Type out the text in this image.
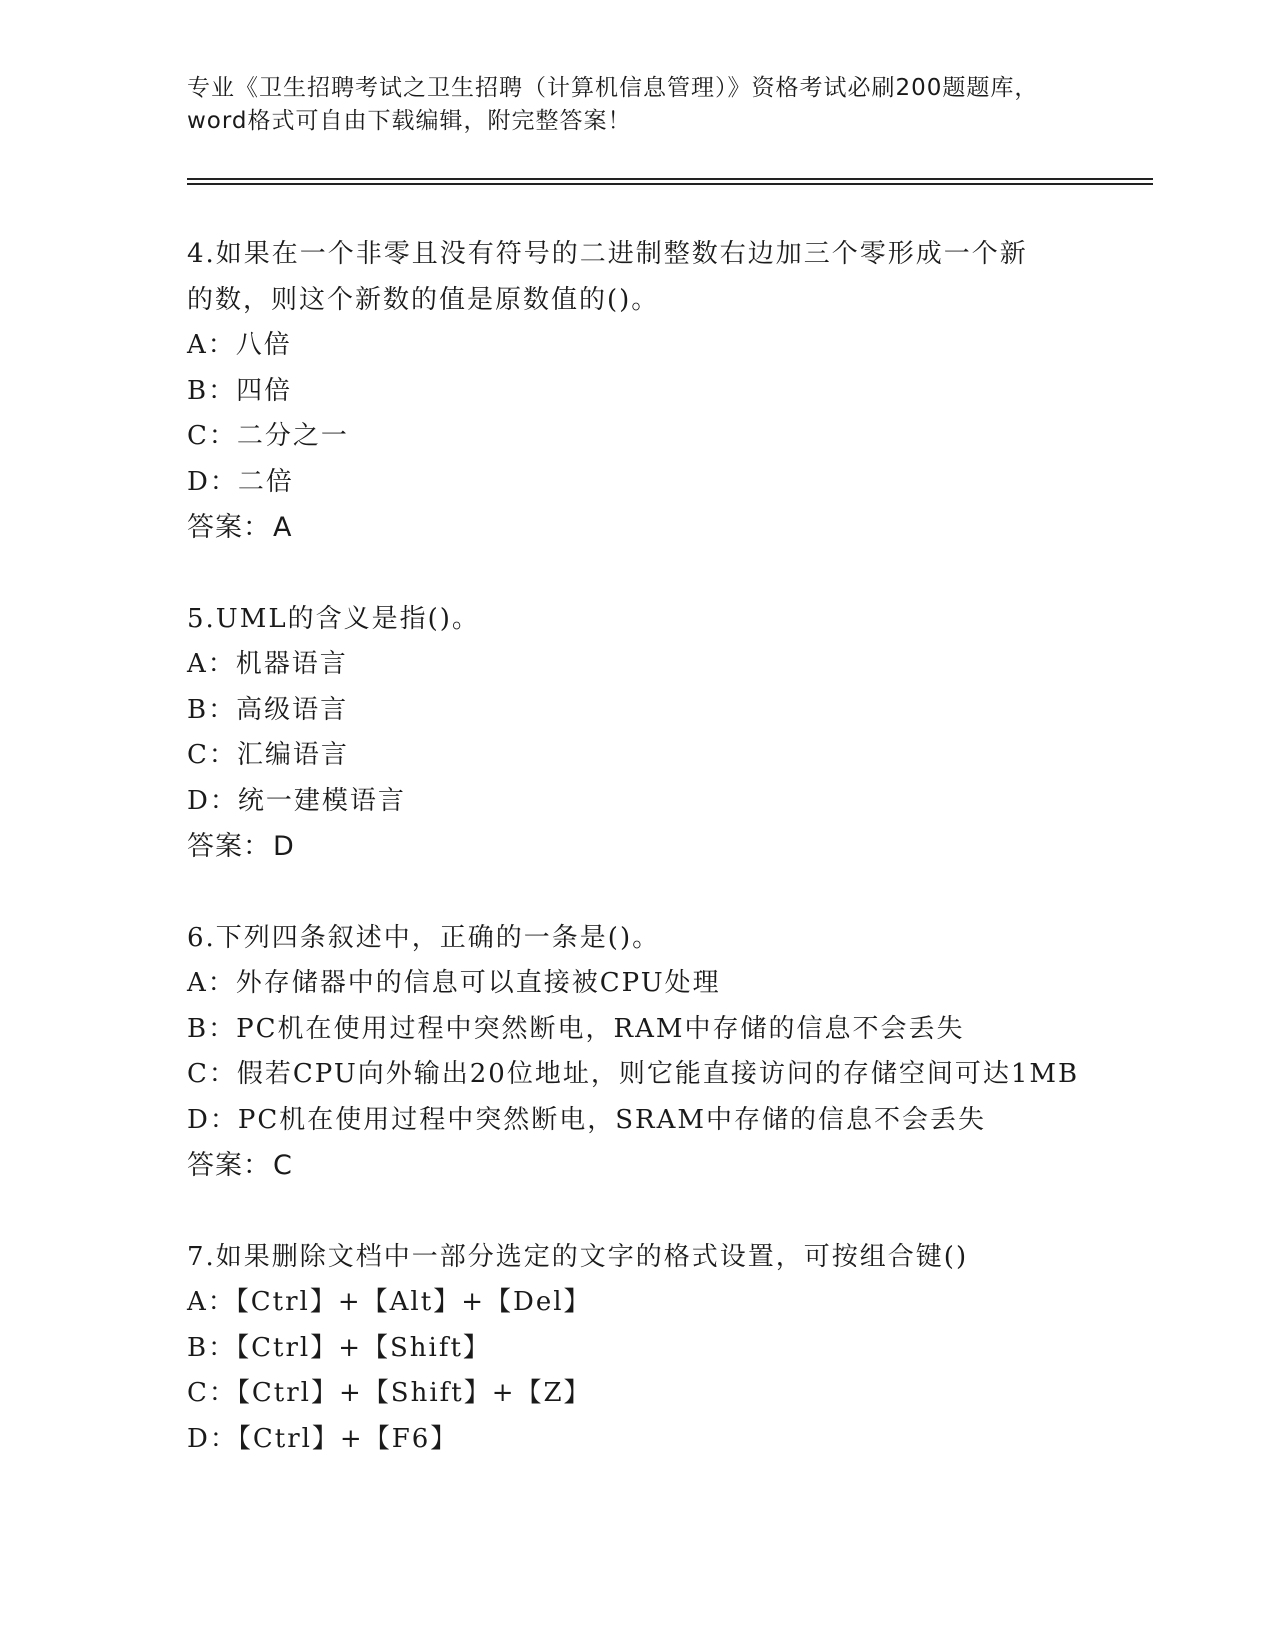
专业《卫生招聘考试之卫生招聘（计算机信息管理）》资格考试必刷200题题库，
word格式可自由下载编辑，附完整答案！
4.如果在一个非零且没有符号的二进制整数右边加三个零形成一个新
的数，则这个新数的值是原数值的()。
A：八倍
B：四倍
C：二分之一
D：二倍
答案：A
5.UML的含义是指()。
A：机器语言
B：高级语言
C：汇编语言
D：统一建模语言
答案：D
6.下列四条叙述中，正确的一条是()。
A：外存储器中的信息可以直接被CPU处理
B：PC机在使用过程中突然断电，RAM中存储的信息不会丢失
C：假若CPU向外输出20位地址，则它能直接访问的存储空间可达1MB
D：PC机在使用过程中突然断电，SRAM中存储的信息不会丢失
答案：C
7.如果删除文档中一部分选定的文字的格式设置，可按组合键()
A：【Ctrl】+【Alt】+【Del】
B：【Ctrl】+【Shift】
C：【Ctrl】+【Shift】+【Z】
D：【Ctrl】+【F6】
